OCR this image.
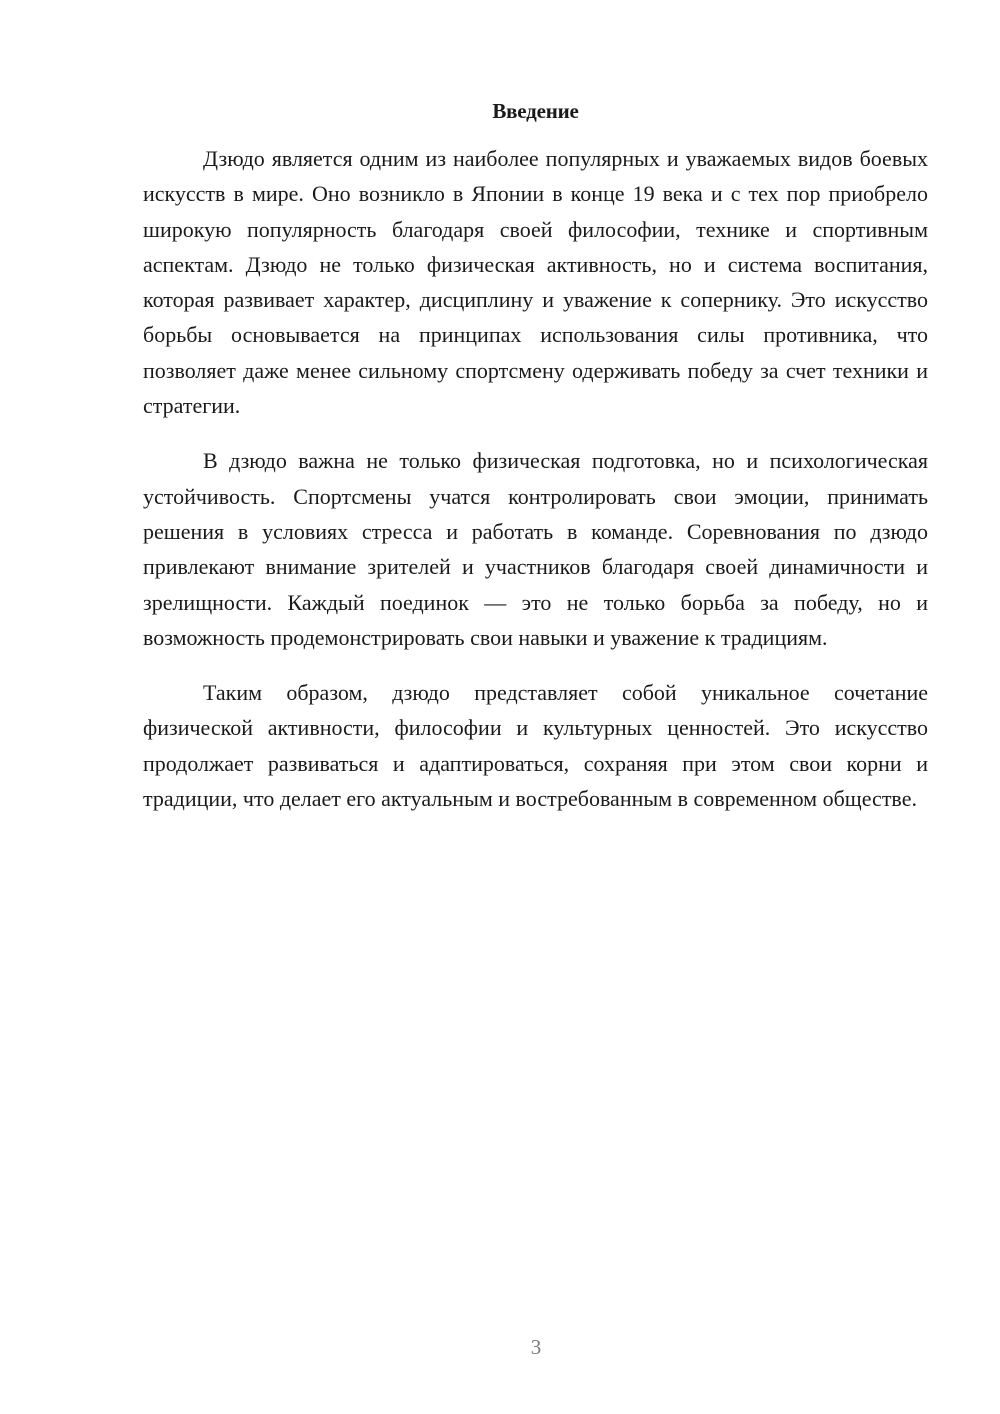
Введение

Дзюдо является одним из наиболее популярных и уважаемых видов боевых искусств в мире. Оно возникло в Японии в конце 19 века и с тех пор приобрело широкую популярность благодаря своей философии, технике и спортивным аспектам. Дзюдо не только физическая активность, но и система воспитания, которая развивает характер, дисциплину и уважение к сопернику. Это искусство борьбы основывается на принципах использования силы противника, что позволяет даже менее сильному спортсмену одерживать победу за счет техники и стратегии.

В дзюдо важна не только физическая подготовка, но и психологическая устойчивость. Спортсмены учатся контролировать свои эмоции, принимать решения в условиях стресса и работать в команде. Соревнования по дзюдо привлекают внимание зрителей и участников благодаря своей динамичности и зрелищности. Каждый поединок — это не только борьба за победу, но и возможность продемонстрировать свои навыки и уважение к традициям.

Таким образом, дзюдо представляет собой уникальное сочетание физической активности, философии и культурных ценностей. Это искусство продолжает развиваться и адаптироваться, сохраняя при этом свои корни и традиции, что делает его актуальным и востребованным в современном обществе.

3
